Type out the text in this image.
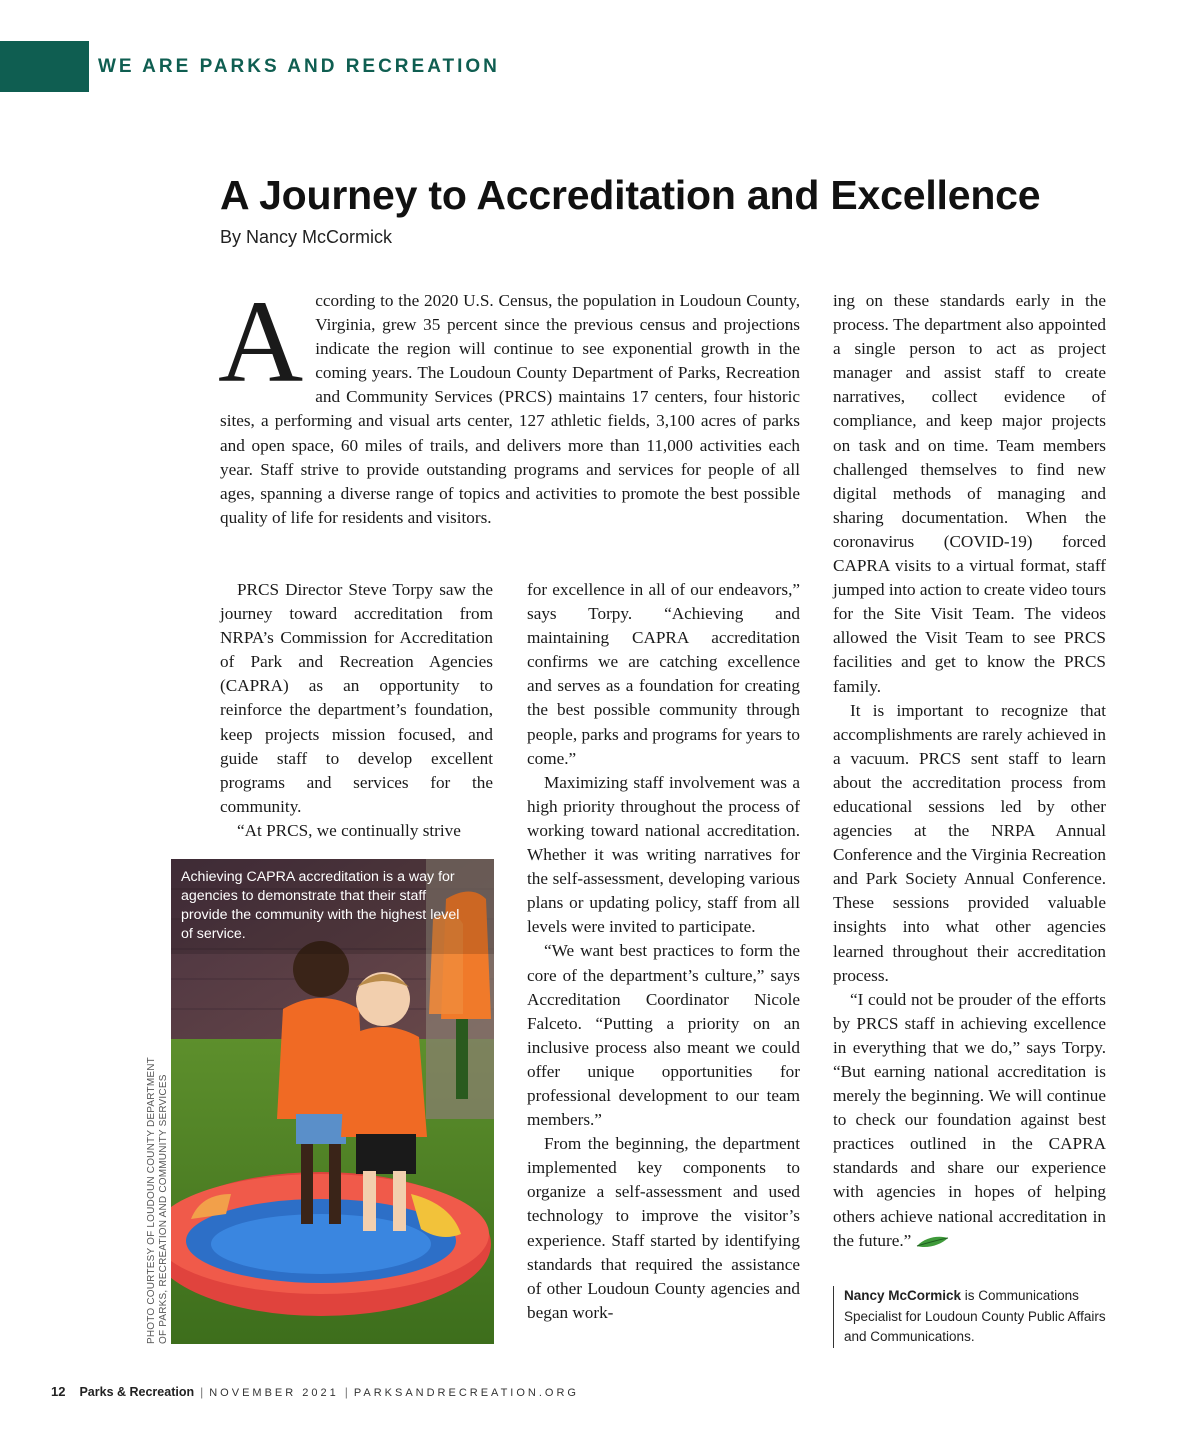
WE ARE PARKS AND RECREATION
A Journey to Accreditation and Excellence
By Nancy McCormick

According to the 2020 U.S. Census, the population in Loudoun County, Virginia, grew 35 percent since the previous census and projections indicate the region will continue to see exponential growth in the coming years. The Loudoun County Department of Parks, Recreation and Community Services (PRCS) maintains 17 centers, four historic sites, a performing and visual arts center, 127 athletic fields, 3,100 acres of parks and open space, 60 miles of trails, and delivers more than 11,000 activities each year. Staff strive to provide outstanding programs and services for people of all ages, spanning a diverse range of topics and activities to promote the best possible quality of life for residents and visitors.

PRCS Director Steve Torpy saw the journey toward accreditation from NRPA’s Commission for Accreditation of Park and Recreation Agencies (CAPRA) as an opportunity to reinforce the department’s foundation, keep projects mission focused, and guide staff to develop excellent programs and services for the community.

“At PRCS, we continually strive

for excellence in all of our endeavors,” says Torpy. “Achieving and maintaining CAPRA accreditation confirms we are catching excellence and serves as a foundation for creating the best possible community through people, parks and programs for years to come.”

Maximizing staff involvement was a high priority throughout the process of working toward national accreditation. Whether it was writing narratives for the self-assessment, developing various plans or updating policy, staff from all levels were invited to participate.

“We want best practices to form the core of the department’s culture,” says Accreditation Coordinator Nicole Falceto. “Putting a priority on an inclusive process also meant we could offer unique opportunities for professional development to our team members.”

From the beginning, the department implemented key components to organize a self-assessment and used technology to improve the visitor’s experience. Staff started by identifying standards that required the assistance of other Loudoun County agencies and began work-

ing on these standards early in the process. The department also appointed a single person to act as project manager and assist staff to create narratives, collect evidence of compliance, and keep major projects on task and on time. Team members challenged themselves to find new digital methods of managing and sharing documentation. When the coronavirus (COVID-19) forced CAPRA visits to a virtual format, staff jumped into action to create video tours for the Site Visit Team. The videos allowed the Visit Team to see PRCS facilities and get to know the PRCS family.

It is important to recognize that accomplishments are rarely achieved in a vacuum. PRCS sent staff to learn about the accreditation process from educational sessions led by other agencies at the NRPA Annual Conference and the Virginia Recreation and Park Society Annual Conference. These sessions provided valuable insights into what other agencies learned throughout their accreditation process.

“I could not be prouder of the efforts by PRCS staff in achieving excellence in everything that we do,” says Torpy. “But earning national accreditation is merely the beginning. We will continue to check our foundation against best practices outlined in the CAPRA standards and share our experience with agencies in hopes of helping others achieve national accreditation in the future.”

Achieving CAPRA accreditation is a way for agencies to demonstrate that their staff provide the community with the highest level of service.
PHOTO COURTESY OF LOUDOUN COUNTY DEPARTMENT OF PARKS, RECREATION AND COMMUNITY SERVICES	Nancy McCormick is Communications Specialist for Loudoun County Public Affairs and Communications.
12 Parks & Recreation | NOVEMBER 2021 | PARKSANDRECREATION.ORG
